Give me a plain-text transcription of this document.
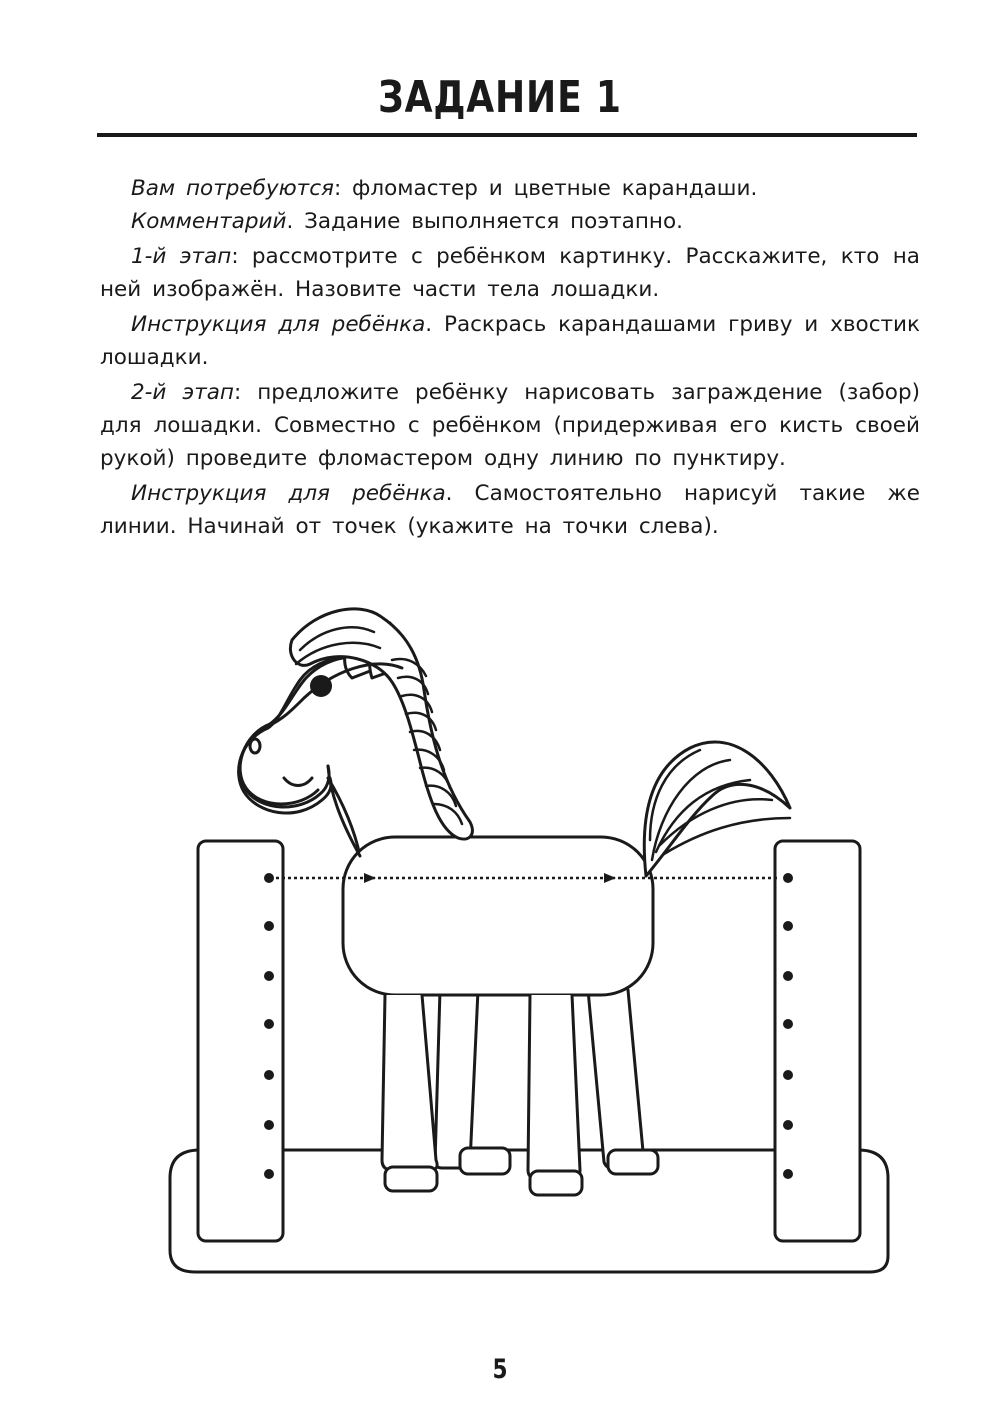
ЗАДАНИЕ 1

Вам потребуются: фломастер и цветные карандаши.

Комментарий. Задание выполняется поэтапно.

1-й этап: рассмотрите с ребёнком картинку. Расскажите, кто на ней изображён. Назовите части тела лошадки.

Инструкция для ребёнка. Раскрась карандашами гриву и хвостик лошадки.

2-й этап: предложите ребёнку нарисовать заграждение (забор) для лошадки. Совместно с ребёнком (придерживая его кисть своей рукой) проведите фломастером одну линию по пунктиру.

Инструкция для ребёнка. Самостоятельно нарисуй такие же линии. Начинай от точек (укажите на точки слева).

5
